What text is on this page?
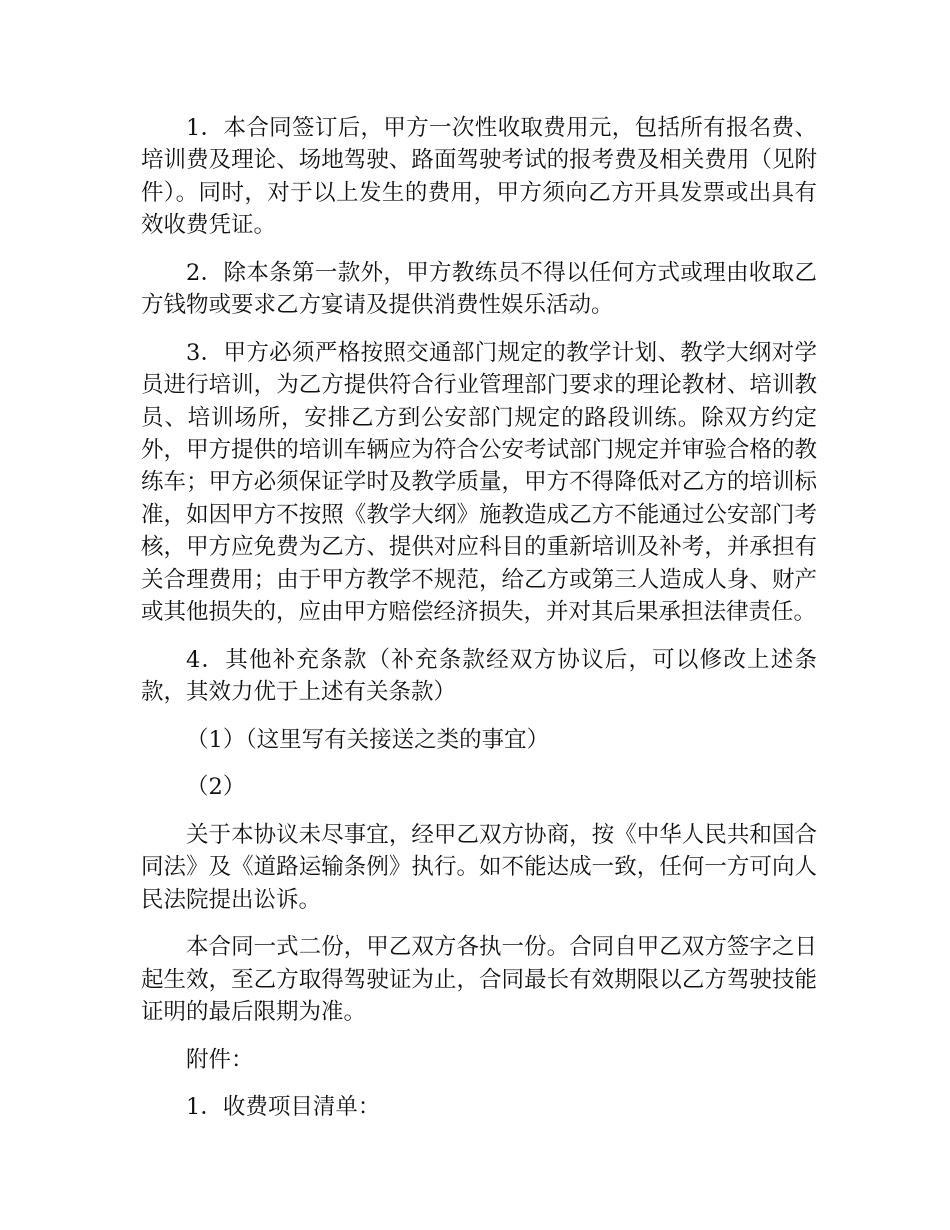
1．本合同签订后，甲方一次性收取费用元，包括所有报名费、培训费及理论、场地驾驶、路面驾驶考试的报考费及相关费用（见附件）。同时，对于以上发生的费用，甲方须向乙方开具发票或出具有效收费凭证。

2．除本条第一款外，甲方教练员不得以任何方式或理由收取乙方钱物或要求乙方宴请及提供消费性娱乐活动。

3．甲方必须严格按照交通部门规定的教学计划、教学大纲对学员进行培训，为乙方提供符合行业管理部门要求的理论教材、培训教员、培训场所，安排乙方到公安部门规定的路段训练。除双方约定外，甲方提供的培训车辆应为符合公安考试部门规定并审验合格的教练车；甲方必须保证学时及教学质量，甲方不得降低对乙方的培训标准，如因甲方不按照《教学大纲》施教造成乙方不能通过公安部门考核，甲方应免费为乙方、提供对应科目的重新培训及补考，并承担有关合理费用；由于甲方教学不规范，给乙方或第三人造成人身、财产或其他损失的，应由甲方赔偿经济损失，并对其后果承担法律责任。

4．其他补充条款（补充条款经双方协议后，可以修改上述条款，其效力优于上述有关条款）

（1）（这里写有关接送之类的事宜）

（2）

关于本协议未尽事宜，经甲乙双方协商，按《中华人民共和国合同法》及《道路运输条例》执行。如不能达成一致，任何一方可向人民法院提出讼诉。

本合同一式二份，甲乙双方各执一份。合同自甲乙双方签字之日起生效，至乙方取得驾驶证为止，合同最长有效期限以乙方驾驶技能证明的最后限期为准。

附件：

1．收费项目清单：
